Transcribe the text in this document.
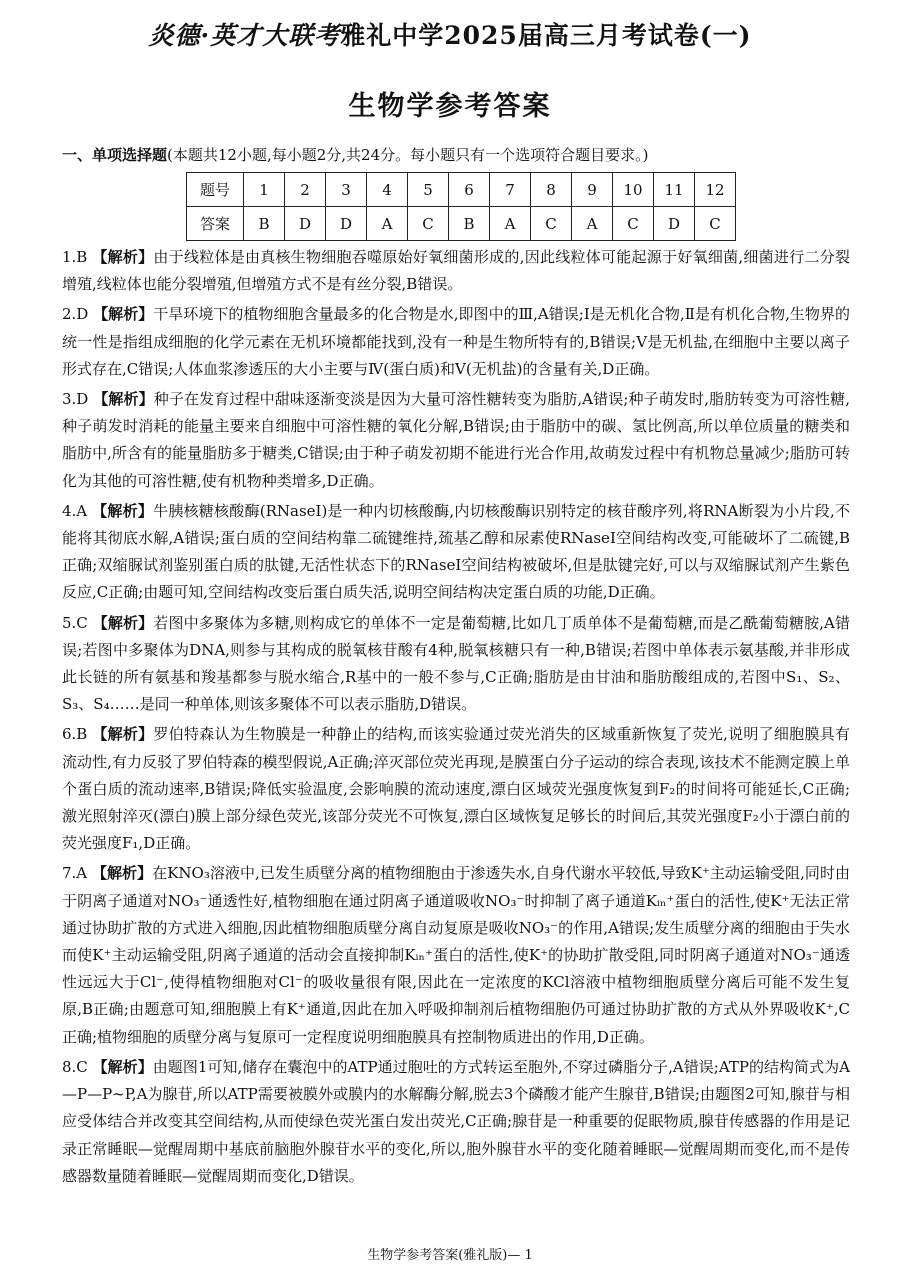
炎德·英才大联考雅礼中学2025届高三月考试卷(一)
生物学参考答案
一、单项选择题(本题共12小题,每小题2分,共24分。每小题只有一个选项符合题目要求。)
题号	1	2	3	4	5	6	7	8	9	10	11	12
答案	B	D	D	A	C	B	A	C	A	C	D	C
1.B 【解析】由于线粒体是由真核生物细胞吞噬原始好氧细菌形成的,因此线粒体可能起源于好氧细菌,细菌进行二分裂增殖,线粒体也能分裂增殖,但增殖方式不是有丝分裂,B错误。
2.D 【解析】干旱环境下的植物细胞含量最多的化合物是水,即图中的Ⅲ,A错误;Ⅰ是无机化合物,Ⅱ是有机化合物,生物界的统一性是指组成细胞的化学元素在无机环境都能找到,没有一种是生物所特有的,B错误;Ⅴ是无机盐,在细胞中主要以离子形式存在,C错误;人体血浆渗透压的大小主要与Ⅳ(蛋白质)和Ⅴ(无机盐)的含量有关,D正确。
3.D 【解析】种子在发育过程中甜味逐渐变淡是因为大量可溶性糖转变为脂肪,A错误;种子萌发时,脂肪转变为可溶性糖,种子萌发时消耗的能量主要来自细胞中可溶性糖的氧化分解,B错误;由于脂肪中的碳、氢比例高,所以单位质量的糖类和脂肪中,所含有的能量脂肪多于糖类,C错误;由于种子萌发初期不能进行光合作用,故萌发过程中有机物总量减少;脂肪可转化为其他的可溶性糖,使有机物种类增多,D正确。
4.A 【解析】牛胰核糖核酸酶(RNaseI)是一种内切核酸酶,内切核酸酶识别特定的核苷酸序列,将RNA断裂为小片段,不能将其彻底水解,A错误;蛋白质的空间结构靠二硫键维持,巯基乙醇和尿素使RNaseI空间结构改变,可能破坏了二硫键,B正确;双缩脲试剂鉴别蛋白质的肽键,无活性状态下的RNaseI空间结构被破坏,但是肽键完好,可以与双缩脲试剂产生紫色反应,C正确;由题可知,空间结构改变后蛋白质失活,说明空间结构决定蛋白质的功能,D正确。
5.C 【解析】若图中多聚体为多糖,则构成它的单体不一定是葡萄糖,比如几丁质单体不是葡萄糖,而是乙酰葡萄糖胺,A错误;若图中多聚体为DNA,则参与其构成的脱氧核苷酸有4种,脱氧核糖只有一种,B错误;若图中单体表示氨基酸,并非形成此长链的所有氨基和羧基都参与脱水缩合,R基中的一般不参与,C正确;脂肪是由甘油和脂肪酸组成的,若图中S₁、S₂、S₃、S₄……是同一种单体,则该多聚体不可以表示脂肪,D错误。
6.B 【解析】罗伯特森认为生物膜是一种静止的结构,而该实验通过荧光消失的区域重新恢复了荧光,说明了细胞膜具有流动性,有力反驳了罗伯特森的模型假说,A正确;淬灭部位荧光再现,是膜蛋白分子运动的综合表现,该技术不能测定膜上单个蛋白质的流动速率,B错误;降低实验温度,会影响膜的流动速度,漂白区域荧光强度恢复到F₂的时间将可能延长,C正确;激光照射淬灭(漂白)膜上部分绿色荧光,该部分荧光不可恢复,漂白区域恢复足够长的时间后,其荧光强度F₂小于漂白前的荧光强度F₁,D正确。
7.A 【解析】在KNO₃溶液中,已发生质壁分离的植物细胞由于渗透失水,自身代谢水平较低,导致K⁺主动运输受阻,同时由于阴离子通道对NO₃⁻通透性好,植物细胞在通过阴离子通道吸收NO₃⁻时抑制了离子通道Kᵢₙ⁺蛋白的活性,使K⁺无法正常通过协助扩散的方式进入细胞,因此植物细胞质壁分离自动复原是吸收NO₃⁻的作用,A错误;发生质壁分离的细胞由于失水而使K⁺主动运输受阻,阴离子通道的活动会直接抑制Kᵢₙ⁺蛋白的活性,使K⁺的协助扩散受阻,同时阴离子通道对NO₃⁻通透性远远大于Cl⁻,使得植物细胞对Cl⁻的吸收量很有限,因此在一定浓度的KCl溶液中植物细胞质壁分离后可能不发生复原,B正确;由题意可知,细胞膜上有K⁺通道,因此在加入呼吸抑制剂后植物细胞仍可通过协助扩散的方式从外界吸收K⁺,C正确;植物细胞的质壁分离与复原可一定程度说明细胞膜具有控制物质进出的作用,D正确。
8.C 【解析】由题图1可知,储存在囊泡中的ATP通过胞吐的方式转运至胞外,不穿过磷脂分子,A错误;ATP的结构简式为A—P—P~P,A为腺苷,所以ATP需要被膜外或膜内的水解酶分解,脱去3个磷酸才能产生腺苷,B错误;由题图2可知,腺苷与相应受体结合并改变其空间结构,从而使绿色荧光蛋白发出荧光,C正确;腺苷是一种重要的促眠物质,腺苷传感器的作用是记录正常睡眠—觉醒周期中基底前脑胞外腺苷水平的变化,所以,胞外腺苷水平的变化随着睡眠—觉醒周期而变化,而不是传感器数量随着睡眠—觉醒周期而变化,D错误。
生物学参考答案(雅礼版)— 1
